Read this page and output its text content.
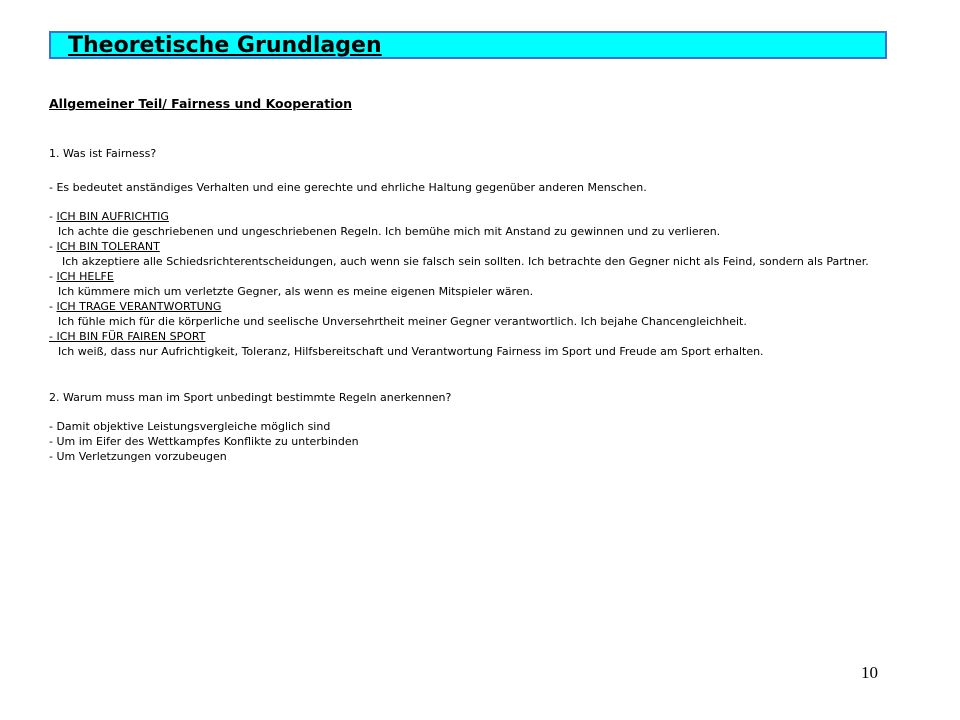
Theoretische Grundlagen
Allgemeiner Teil/ Fairness und Kooperation
1. Was ist Fairness?
- Es bedeutet anständiges Verhalten und eine gerechte und ehrliche Haltung gegenüber anderen Menschen.
- ICH BIN AUFRICHTIG
Ich achte die geschriebenen und ungeschriebenen Regeln. Ich bemühe mich mit Anstand zu gewinnen und zu verlieren.
- ICH BIN TOLERANT
Ich akzeptiere alle Schiedsrichterentscheidungen, auch wenn sie falsch sein sollten. Ich betrachte den Gegner nicht als Feind, sondern als Partner.
- ICH HELFE
Ich kümmere mich um verletzte Gegner, als wenn es meine eigenen Mitspieler wären.
- ICH TRAGE VERANTWORTUNG
Ich fühle mich für die körperliche und seelische Unversehrtheit meiner Gegner verantwortlich. Ich bejahe Chancengleichheit.
- ICH BIN FÜR FAIREN SPORT
Ich weiß, dass nur Aufrichtigkeit, Toleranz, Hilfsbereitschaft und Verantwortung Fairness im Sport und Freude am Sport erhalten.
2. Warum muss man im Sport unbedingt bestimmte Regeln anerkennen?
- Damit objektive Leistungsvergleiche möglich sind
- Um im Eifer des Wettkampfes Konflikte zu unterbinden
- Um Verletzungen vorzubeugen
10
